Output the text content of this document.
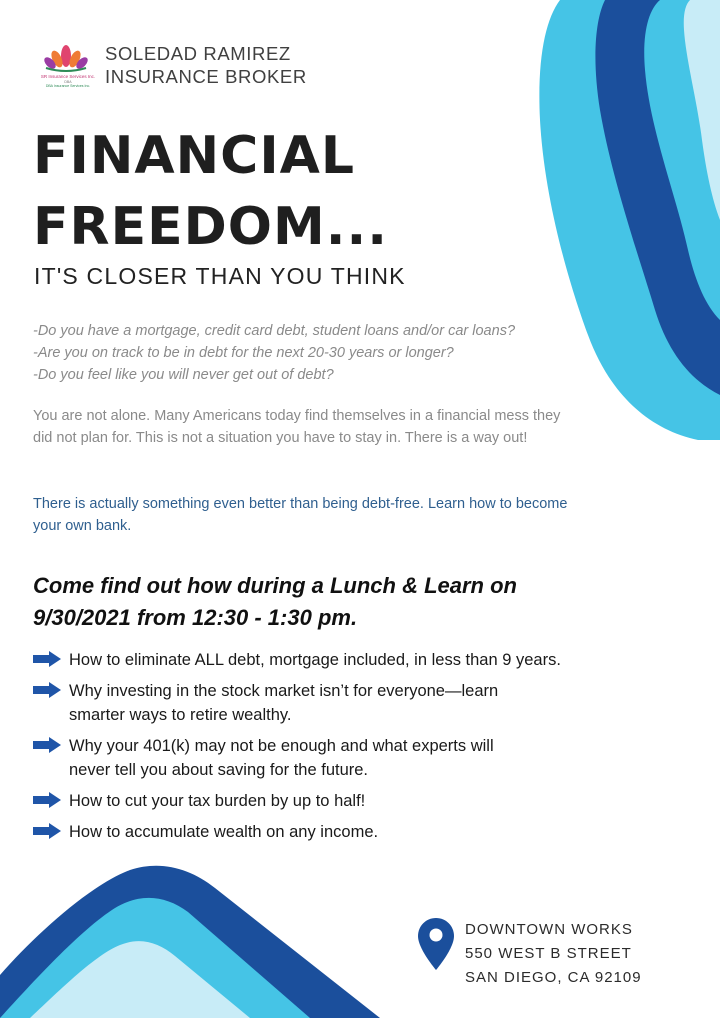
SR Insurance Services Inc.
DBA
DBA Insurance Services Inc.
SOLEDAD RAMIREZ
INSURANCE BROKER
FINANCIAL
FREEDOM...
IT'S CLOSER THAN YOU THINK
-Do you have a mortgage, credit card debt, student loans and/or car loans?
-Are you on track to be in debt for the next 20-30 years or longer?
-Do you feel like you will never get out of debt?
You are not alone. Many Americans today find themselves in a financial mess they did not plan for. This is not a situation you have to stay in. There is a way out!
There is actually something even better than being debt-free. Learn how to become your own bank.
Come find out how during a Lunch & Learn on
9/30/2021 from 12:30 - 1:30 pm.
How to eliminate ALL debt, mortgage included, in less than 9 years.
Why investing in the stock market isn’t for everyone—learn smarter ways to retire wealthy.
Why your 401(k) may not be enough and what experts will never tell you about saving for the future.
How to cut your tax burden by up to half!
How to accumulate wealth on any income.
DOWNTOWN WORKS
550 WEST B STREET
SAN DIEGO, CA 92109
